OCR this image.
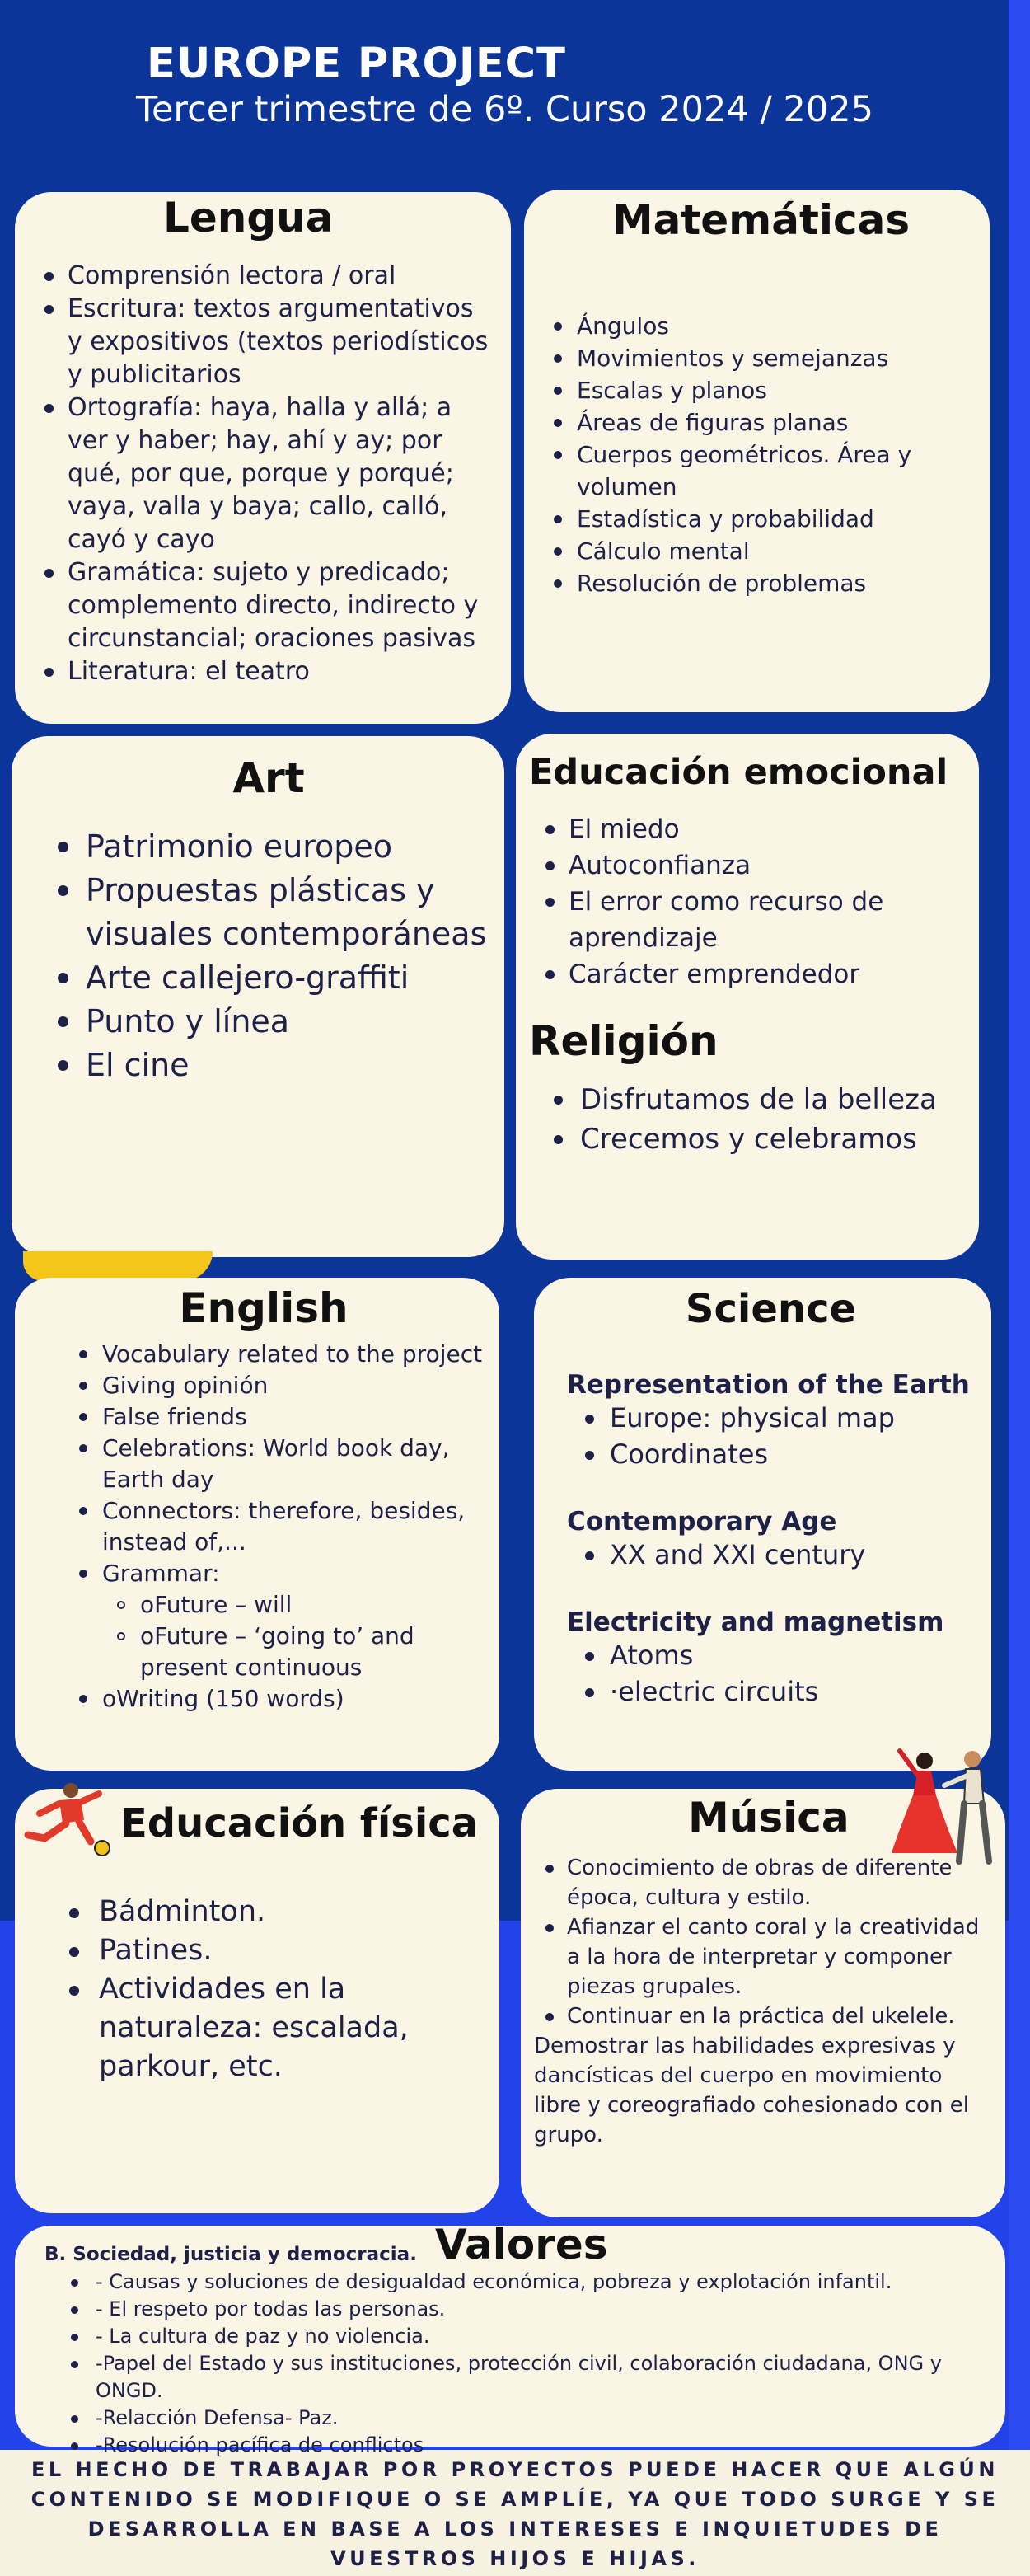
EUROPE PROJECT

Tercer trimestre de 6º. Curso 2024 / 2025

Lengua
Comprensión lectora / oral
Escritura: textos argumentativos y expositivos (textos periodísticos y publicitarios
Ortografía: haya, halla y allá; a ver y haber; hay, ahí y ay; por qué, por que, porque y porqué; vaya, valla y baya; callo, calló, cayó y cayo
Gramática: sujeto y predicado; complemento directo, indirecto y circunstancial; oraciones pasivas
Literatura: el teatro
Matemáticas
Ángulos
Movimientos y semejanzas
Escalas y planos
Áreas de figuras planas
Cuerpos geométricos. Área y volumen
Estadística y probabilidad
Cálculo mental
Resolución de problemas
Art
Patrimonio europeo
Propuestas plásticas y visuales contemporáneas
Arte callejero-graffiti
Punto y línea
El cine
Educación emocional
El miedo
Autoconfianza
El error como recurso de aprendizaje
Carácter emprendedor
Religión
Disfrutamos de la belleza
Crecemos y celebramos
English
Vocabulary related to the project
Giving opinión
False friends
Celebrations: World book day, Earth day
Connectors: therefore, besides, instead of,...
Grammar:
oFuture – will
oFuture – ‘going to’ and present continuous
oWriting (150 words)
Science

Representation of the Earth

Europe: physical map
Coordinates

Contemporary Age

XX and XXI century

Electricity and magnetism

Atoms
·electric circuits
Educación física
Bádminton.
Patines.
Actividades en la naturaleza: escalada, parkour, etc.
Música
Conocimiento de obras de diferente época, cultura y estilo.
Afianzar el canto coral y la creatividad a la hora de interpretar y componer piezas grupales.
Continuar en la práctica del ukelele.

Demostrar las habilidades expresivas y dancísticas del cuerpo en movimiento libre y coreografiado cohesionado con el grupo.

Valores

B. Sociedad, justicia y democracia.

- Causas y soluciones de desigualdad económica, pobreza y explotación infantil.
- El respeto por todas las personas.
- La cultura de paz y no violencia.
-Papel del Estado y sus instituciones, protección civil, colaboración ciudadana, ONG y ONGD.
-Relacción Defensa- Paz.
-Resolución pacífica de conflictos

EL HECHO DE TRABAJAR POR PROYECTOS PUEDE HACER QUE ALGÚN CONTENIDO SE MODIFIQUE O SE AMPLÍE, YA QUE TODO SURGE Y SE DESARROLLA EN BASE A LOS INTERESES E INQUIETUDES DE VUESTROS HIJOS E HIJAS.
